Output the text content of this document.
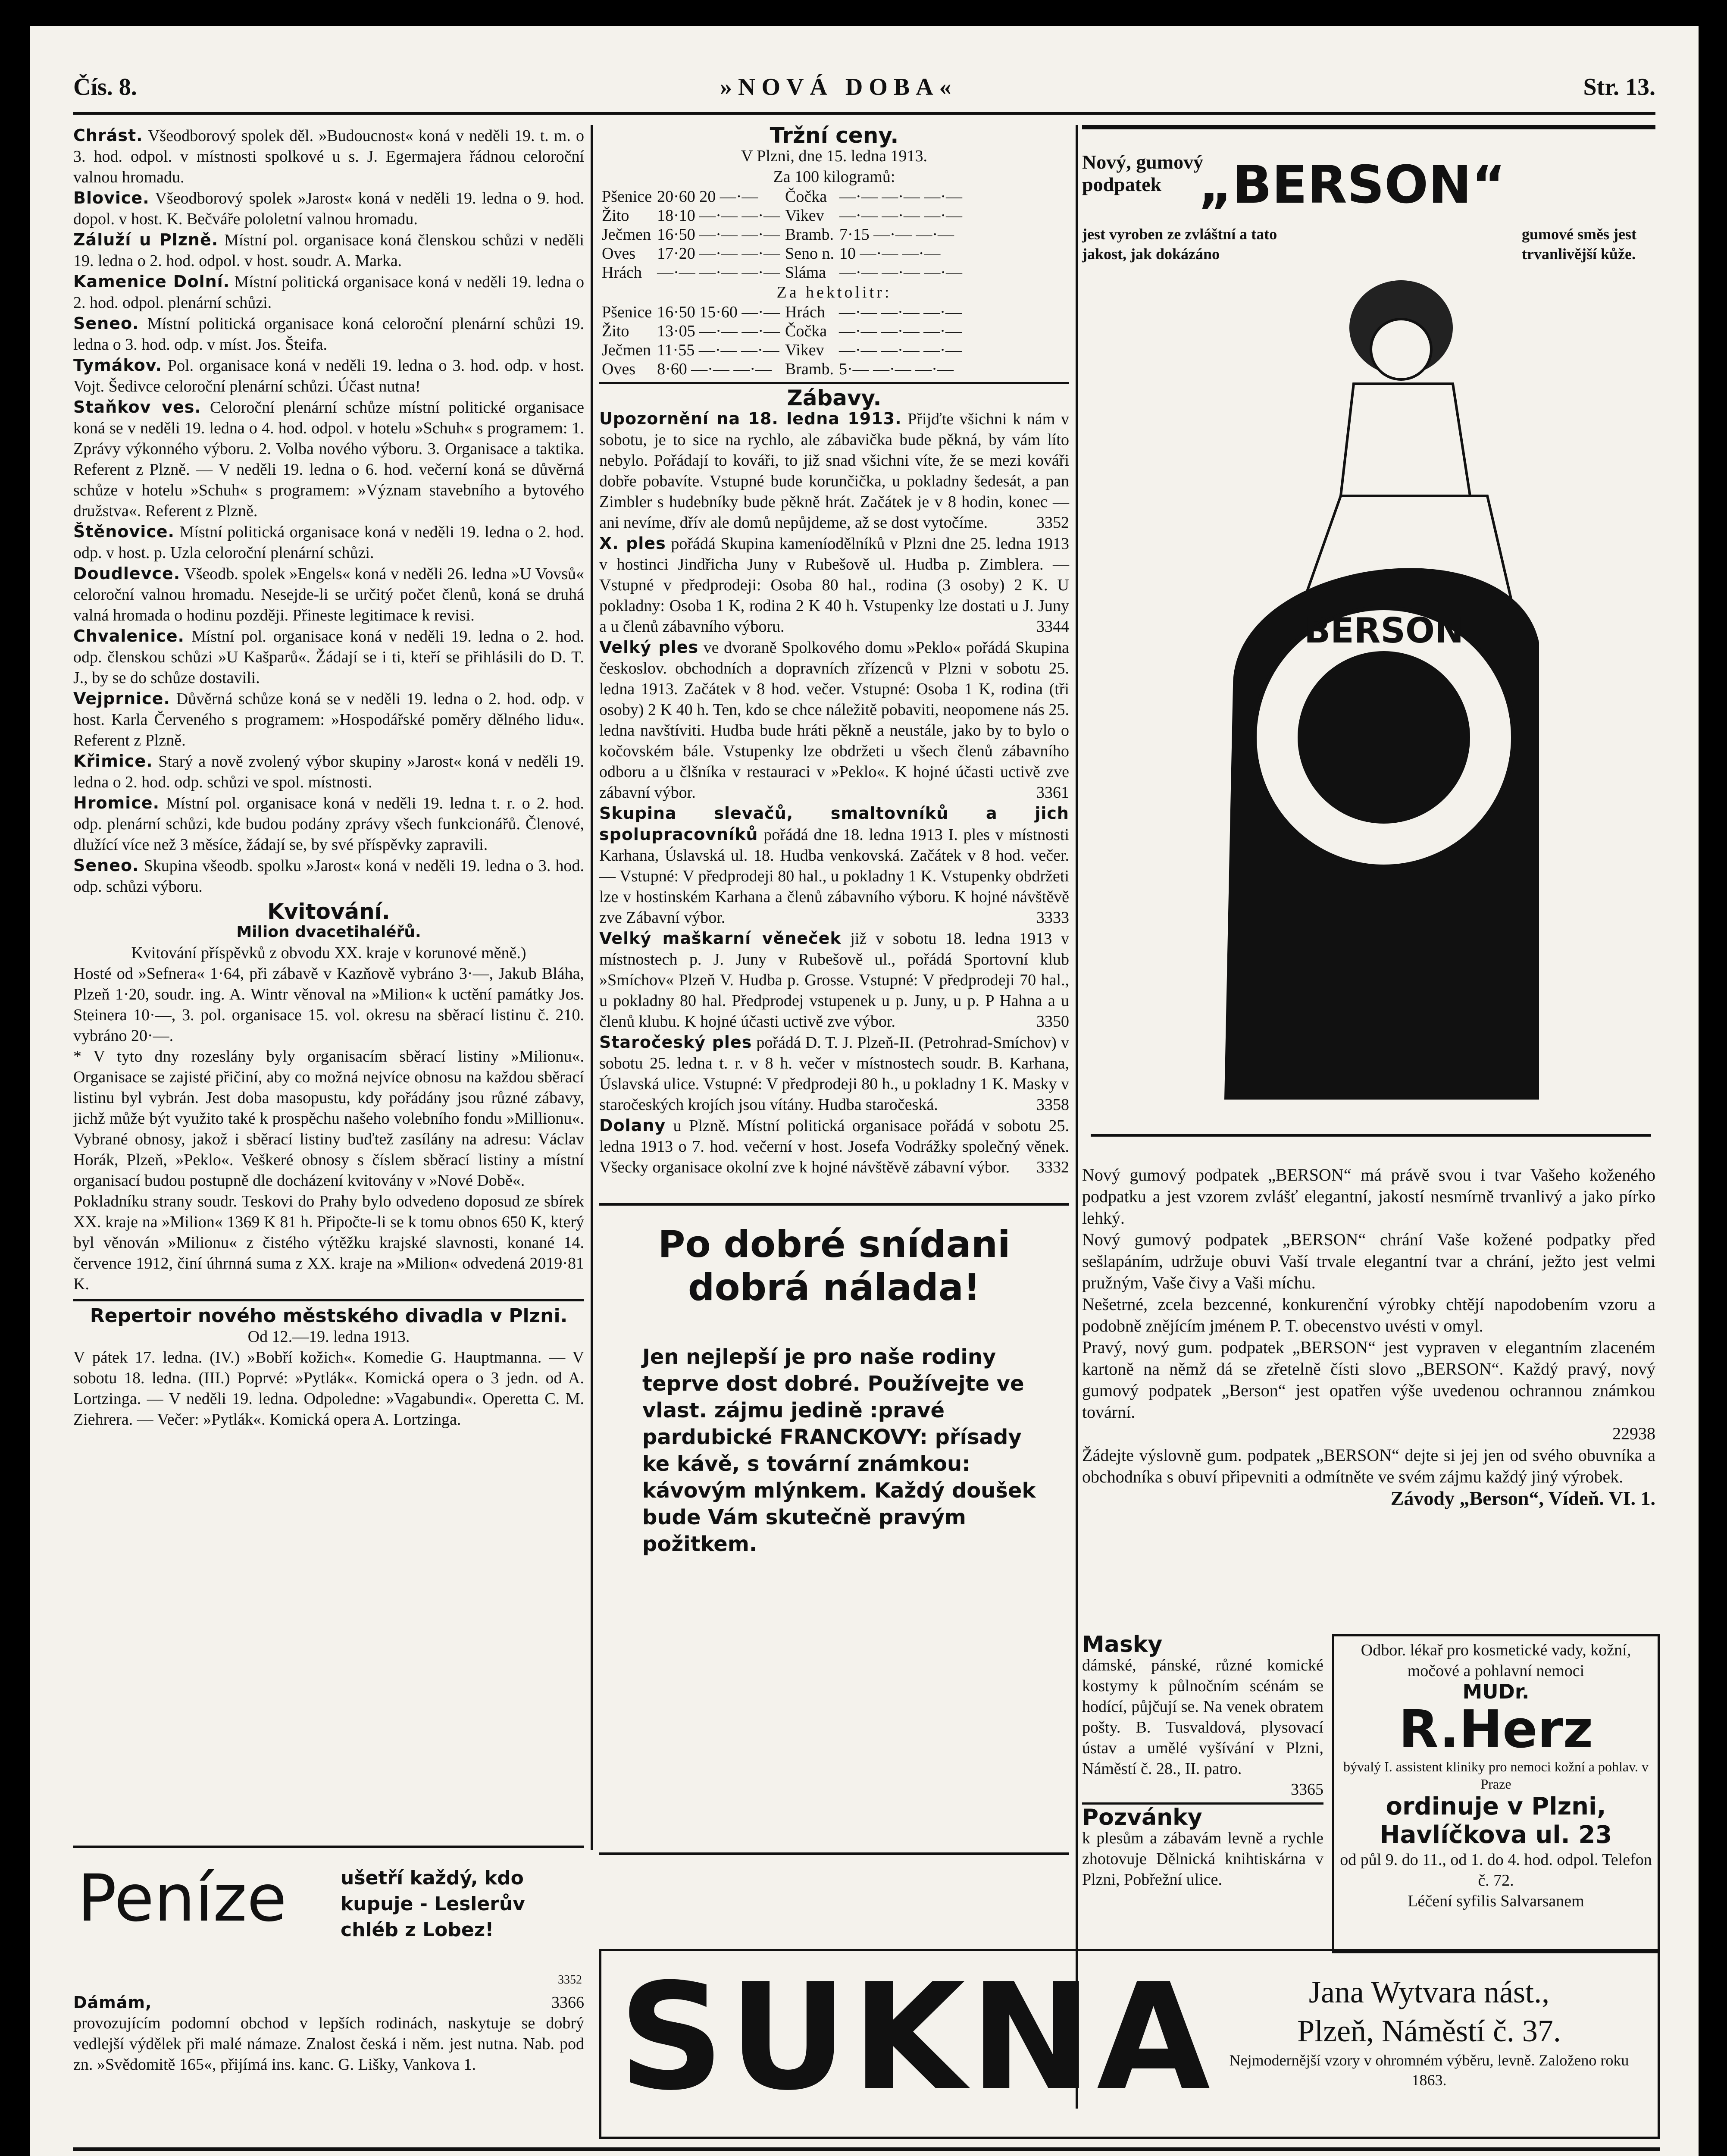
Čís. 8.	»NOVÁ DOBA«	Str. 13.

Chrást. Všeodborový spolek děl. »Budoucnost« koná v neděli 19. t. m. o 3. hod. odpol. v místnosti spolkové u s. J. Egermajera řádnou celoroční valnou hromadu.

Blovice. Všeodborový spolek »Jarost« koná v neděli 19. ledna o 9. hod. dopol. v host. K. Bečváře pololetní valnou hromadu.

Záluží u Plzně. Místní pol. organisace koná členskou schůzi v neděli 19. ledna o 2. hod. odpol. v host. soudr. A. Marka.

Kamenice Dolní. Místní politická organisace koná v neděli 19. ledna o 2. hod. odpol. plenární schůzi.

Seneo. Místní politická organisace koná celoroční plenární schůzi 19. ledna o 3. hod. odp. v míst. Jos. Šteifa.

Tymákov. Pol. organisace koná v neděli 19. ledna o 3. hod. odp. v host. Vojt. Šedivce celoroční plenární schůzi. Účast nutna!

Staňkov ves. Celoroční plenární schůze místní politické organisace koná se v neděli 19. ledna o 4. hod. odpol. v hotelu »Schuh« s programem: 1. Zprávy výkonného výboru. 2. Volba nového výboru. 3. Organisace a taktika. Referent z Plzně. — V neděli 19. ledna o 6. hod. večerní koná se důvěrná schůze v hotelu »Schuh« s programem: »Význam stavebního a bytového družstva«. Referent z Plzně.

Štěnovice. Místní politická organisace koná v neděli 19. ledna o 2. hod. odp. v host. p. Uzla celoroční plenární schůzi.

Doudlevce. Všeodb. spolek »Engels« koná v neděli 26. ledna »U Vovsů« celoroční valnou hromadu. Nesejde-li se určitý počet členů, koná se druhá valná hromada o hodinu později. Přineste legitimace k revisi.

Chvalenice. Místní pol. organisace koná v neděli 19. ledna o 2. hod. odp. členskou schůzi »U Kašparů«. Žádají se i ti, kteří se přihlásili do D. T. J., by se do schůze dostavili.

Vejprnice. Důvěrná schůze koná se v neděli 19. ledna o 2. hod. odp. v host. Karla Červeného s programem: »Hospodářské poměry dělného lidu«. Referent z Plzně.

Křimice. Starý a nově zvolený výbor skupiny »Jarost« koná v neděli 19. ledna o 2. hod. odp. schůzi ve spol. místnosti.

Hromice. Místní pol. organisace koná v neděli 19. ledna t. r. o 2. hod. odp. plenární schůzi, kde budou podány zprávy všech funkcionářů. Členové, dlužící více než 3 měsíce, žádají se, by své příspěvky zapravili.

Seneo. Skupina všeodb. spolku »Jarost« koná v neděli 19. ledna o 3. hod. odp. schůzi výboru.

Kvitování.
Milion dvacetihaléřů.

Kvitování příspěvků z obvodu XX. kraje v korunové měně.)

Hosté od »Sefnera« 1·64, při zábavě v Kazňově vybráno 3·—, Jakub Bláha, Plzeň 1·20, soudr. ing. A. Wintr věnoval na »Milion« k uctění památky Jos. Steinera 10·—, 3. pol. organisace 15. vol. okresu na sběrací listinu č. 210. vybráno 20·—.

* V tyto dny rozeslány byly organisacím sběrací listiny »Milionu«. Organisace se zajisté přičiní, aby co možná nejvíce obnosu na každou sběrací listinu byl vybrán. Jest doba masopustu, kdy pořádány jsou různé zábavy, jichž může být využito také k prospěchu našeho volebního fondu »Millionu«. Vybrané obnosy, jakož i sběrací listiny buďtež zasílány na adresu: Václav Horák, Plzeň, »Peklo«. Veškeré obnosy s číslem sběrací listiny a místní organisací budou postupně dle docházení kvitovány v »Nové Době«.

Pokladníku strany soudr. Teskovi do Prahy bylo odvedeno doposud ze sbírek XX. kraje na »Milion« 1369 K 81 h. Připočte-li se k tomu obnos 650 K, který byl věnován »Milionu« z čistého výtěžku krajské slavnosti, konané 14. července 1912, činí úhrnná suma z XX. kraje na »Milion« odvedená 2019·81 K.

Repertoir nového městského divadla v Plzni.

Od 12.—19. ledna 1913.

V pátek 17. ledna. (IV.) »Bobří kožich«. Komedie G. Hauptmanna. — V sobotu 18. ledna. (III.) Poprvé: »Pytlák«. Komická opera o 3 jedn. od A. Lortzinga. — V neděli 19. ledna. Odpoledne: »Vagabundi«. Operetta C. M. Ziehrera. — Večer: »Pytlák«. Komická opera A. Lortzinga.

Tržní ceny.

V Plzni, dne 15. ledna 1913.

Za 100 kilogramů:

Pšenice	20·60 20 —·—	Čočka	—·— —·— —·—
Žito	18·10 —·— —·—	Vikev	—·— —·— —·—
Ječmen	16·50 —·— —·—	Bramb.	7·15 —·— —·—
Oves	17·20 —·— —·—	Seno n.	10 —·— —·—
Hrách	—·— —·— —·—	Sláma	—·— —·— —·—

Za hektolitr:

Pšenice	16·50 15·60 —·—	Hrách	—·— —·— —·—
Žito	13·05 —·— —·—	Čočka	—·— —·— —·—
Ječmen	11·55 —·— —·—	Vikev	—·— —·— —·—
Oves	8·60 —·— —·—	Bramb.	5·— —·— —·—
Zábavy.

Upozornění na 18. ledna 1913. Přijďte všichni k nám v sobotu, je to sice na rychlo, ale zábavička bude pěkná, by vám líto nebylo. Pořádají to kováři, to již snad všichni víte, že se mezi kováři dobře pobavíte. Vstupné bude korunčička, u pokladny šedesát, a pan Zimbler s hudebníky bude pěkně hrát. Začátek je v 8 hodin, konec — ani nevíme, dřív ale domů nepůjdeme, až se dost vytočíme.	3352

X. ples pořádá Skupina kameníodělníků v Plzni dne 25. ledna 1913 v hostinci Jindřicha Juny v Rubešově ul. Hudba p. Zimblera. — Vstupné v předprodeji: Osoba 80 hal., rodina (3 osoby) 2 K. U pokladny: Osoba 1 K, rodina 2 K 40 h. Vstupenky lze dostati u J. Juny a u členů zábavního výboru.	3344

Velký ples ve dvoraně Spolkového domu »Peklo« pořádá Skupina českoslov. obchodních a dopravních zřízenců v Plzni v sobotu 25. ledna 1913. Začátek v 8 hod. večer. Vstupné: Osoba 1 K, rodina (tři osoby) 2 K 40 h. Ten, kdo se chce náležitě pobaviti, neopomene nás 25. ledna navštíviti. Hudba bude hráti pěkně a neustále, jako by to bylo o kočovském bále. Vstupenky lze obdržeti u všech členů zábavního odboru a u člšníka v restauraci v »Peklo«. K hojné účasti uctivě zve zábavní výbor.	3361

Skupina slevačů, smaltovníků a jich spolupracovníků pořádá dne 18. ledna 1913 I. ples v místnosti Karhana, Úslavská ul. 18. Hudba venkovská. Začátek v 8 hod. večer. — Vstupné: V předprodeji 80 hal., u pokladny 1 K. Vstupenky obdržeti lze v hostinském Karhana a členů zábavního výboru. K hojné návštěvě zve Zábavní výbor.	3333

Velký maškarní věneček již v sobotu 18. ledna 1913 v místnostech p. J. Juny v Rubešově ul., pořádá Sportovní klub »Smíchov« Plzeň V. Hudba p. Grosse. Vstupné: V předprodeji 70 hal., u pokladny 80 hal. Předprodej vstupenek u p. Juny, u p. P Hahna a u členů klubu. K hojné účasti uctivě zve výbor.	3350

Staročeský ples pořádá D. T. J. Plzeň-II. (Petrohrad-Smíchov) v sobotu 25. ledna t. r. v 8 h. večer v místnostech soudr. B. Karhana, Úslavská ulice. Vstupné: V předprodeji 80 h., u pokladny 1 K. Masky v staročeských krojích jsou vítány. Hudba staročeská.	3358

Dolany u Plzně. Místní politická organisace pořádá v sobotu 25. ledna 1913 o 7. hod. večerní v host. Josefa Vodrážky společný věnek. Všecky organisace okolní zve k hojné návštěvě zábavní výbor. 3332

Nový, gumový
podpatek „BERSON“
jest vyroben ze zvláštní a tato jakost, jak dokázáno
gumové směs jest trvanlivější kůže.
BERSON

Nový gumový podpatek „BERSON“ má právě svou i tvar Vašeho koženého podpatku a jest vzorem zvlášť elegantní, jakostí nesmírně trvanlivý a jako pírko lehký.

Nový gumový podpatek „BERSON“ chrání Vaše kožené podpatky před sešlapáním, udržuje obuvi Vaší trvale elegantní tvar a chrání, ježto jest velmi pružným, Vaše čivy a Vaši míchu.

Nešetrné, zcela bezcenné, konkurenční výrobky chtějí napodobením vzoru a podobně znějícím jménem P. T. obecenstvo uvésti v omyl.

Pravý, nový gum. podpatek „BERSON“ jest vypraven v elegantním zlaceném kartoně na němž dá se zřetelně čísti slovo „BERSON“. Každý pravý, nový gumový podpatek „Berson“ jest opatřen výše uvedenou ochrannou známkou tovární.

22938

Žádejte výslovně gum. podpatek „BERSON“ dejte si jej jen od svého obuvníka a obchodníka s obuví připevniti a odmítněte ve svém zájmu každý jiný výrobek.

Závody „Berson“, Vídeň. VI. 1.

Po dobré snídani
dobrá nálada!
Jen nejlepší je pro naše rodiny teprve dost dobré. Používejte ve vlast. zájmu jedině :pravé pardubické FRANCKOVY: přísady ke kávě, s tovární známkou: kávovým mlýnkem. Každý doušek bude Vám skutečně pravým požitkem.
Peníze	ušetří každý, kdo kupuje - Leslerův chléb z Lobez!
3352
Dámám,	3366

provozujícím podomní obchod v lepších rodinách, naskytuje se dobrý vedlejší výdělek při malé námaze. Znalost česká i něm. jest nutna. Nab. pod zn. »Svědomitě 165«, přijímá ins. kanc. G. Lišky, Vankova 1.

Masky

dámské, pánské, různé komické kostymy k půlnočním scénám se hodící, půjčují se. Na venek obratem pošty. B. Tusvaldová, plysovací ústav a umělé vyšívání v Plzni, Náměstí č. 28., II. patro.

3365

Pozvánky

k plesům a zábavám levně a rychle zhotovuje Dělnická knihtiskárna v Plzni, Pobřežní ulice.

Odbor. lékař pro kosmetické vady, kožní, močové a pohlavní nemoci

MUDr.
R.Herz

bývalý I. assistent kliniky pro nemoci kožní a pohlav. v Praze

ordinuje v Plzni,
Havlíčkova ul. 23

od půl 9. do 11., od 1. do 4. hod. odpol. Telefon č. 72.

Léčení syfilis Salvarsanem

SUKNA	Jana Wytvara nást.,
Plzeň, Náměstí č. 37.
Nejmodernější vzory v ohromném výběru, levně. Založeno roku 1863.
